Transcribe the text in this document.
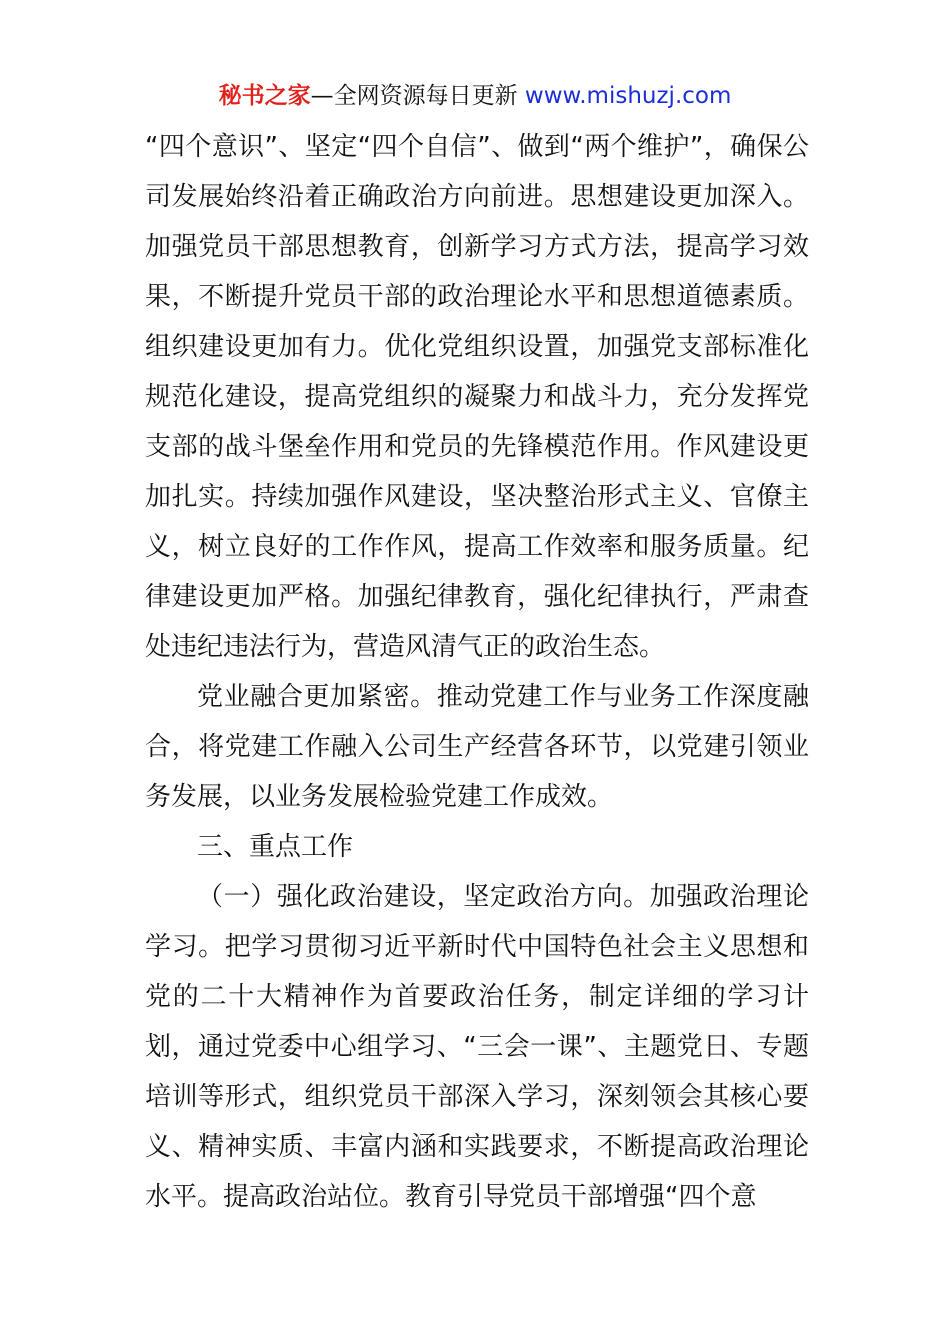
秘书之家—全网资源每日更新 www.mishuzj.com

“四个意识”、坚定“四个自信”、做到“两个维护”，确保公司发展始终沿着正确政治方向前进。思想建设更加深入。加强党员干部思想教育，创新学习方式方法，提高学习效果，不断提升党员干部的政治理论水平和思想道德素质。组织建设更加有力。优化党组织设置，加强党支部标准化规范化建设，提高党组织的凝聚力和战斗力，充分发挥党支部的战斗堡垒作用和党员的先锋模范作用。作风建设更加扎实。持续加强作风建设，坚决整治形式主义、官僚主义，树立良好的工作作风，提高工作效率和服务质量。纪律建设更加严格。加强纪律教育，强化纪律执行，严肃查处违纪违法行为，营造风清气正的政治生态。

党业融合更加紧密。推动党建工作与业务工作深度融合，将党建工作融入公司生产经营各环节，以党建引领业务发展，以业务发展检验党建工作成效。

三、重点工作

（一）强化政治建设，坚定政治方向。加强政治理论学习。把学习贯彻习近平新时代中国特色社会主义思想和党的二十大精神作为首要政治任务，制定详细的学习计划，通过党委中心组学习、“三会一课”、主题党日、专题培训等形式，组织党员干部深入学习，深刻领会其核心要义、精神实质、丰富内涵和实践要求，不断提高政治理论水平。提高政治站位。教育引导党员干部增强“四个意
